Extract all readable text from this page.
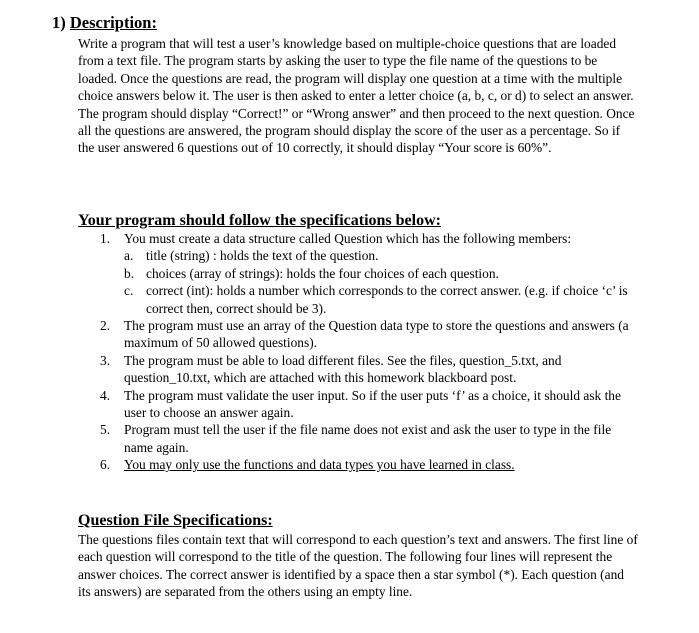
1) Description:
Write a program that will test a user’s knowledge based on multiple-choice questions that are loaded from a text file. The program starts by asking the user to type the file name of the questions to be loaded. Once the questions are read, the program will display one question at a time with the multiple choice answers below it. The user is then asked to enter a letter choice (a, b, c, or d) to select an answer. The program should display “Correct!” or “Wrong answer” and then proceed to the next question. Once all the questions are answered, the program should display the score of the user as a percentage. So if the user answered 6 questions out of 10 correctly, it should display “Your score is 60%”.
Your program should follow the specifications below:
1. You must create a data structure called Question which has the following members:
a. title (string) : holds the text of the question.
b. choices (array of strings): holds the four choices of each question.
c. correct (int): holds a number which corresponds to the correct answer. (e.g. if choice ‘c’ is correct then, correct should be 3).
2. The program must use an array of the Question data type to store the questions and answers (a maximum of 50 allowed questions).
3. The program must be able to load different files. See the files, question_5.txt, and question_10.txt, which are attached with this homework blackboard post.
4. The program must validate the user input. So if the user puts ‘f’ as a choice, it should ask the user to choose an answer again.
5. Program must tell the user if the file name does not exist and ask the user to type in the file name again.
6. You may only use the functions and data types you have learned in class.
Question File Specifications:
The questions files contain text that will correspond to each question’s text and answers. The first line of each question will correspond to the title of the question. The following four lines will represent the answer choices. The correct answer is identified by a space then a star symbol (*). Each question (and its answers) are separated from the others using an empty line.
